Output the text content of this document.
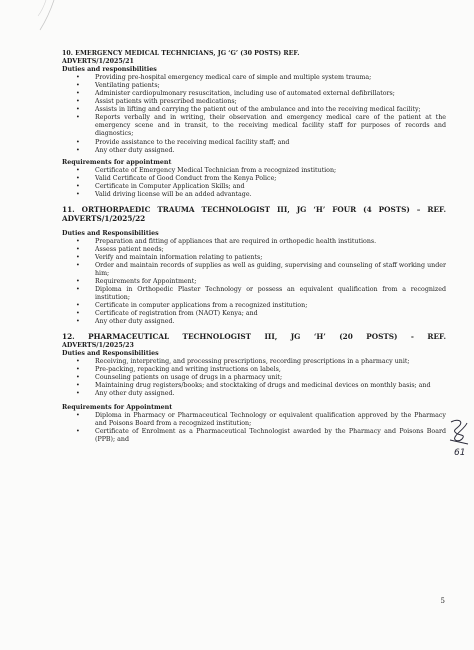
10. EMERGENCY MEDICAL TECHNICIANS, JG ‘G’ (30 POSTS) REF.
ADVERTS/1/2025/21
Duties and responsibilities
• Providing pre-hospital emergency medical care of simple and multiple system trauma;
• Ventilating patients;
• Administer cardiopulmonary resuscitation, including use of automated external defibrillators;
• Assist patients with prescribed medications;
• Assists in lifting and carrying the patient out of the ambulance and into the receiving medical facility;
• Reports verbally and in writing, their observation and emergency medical care of the patient at the emergency scene and in transit, to the receiving medical facility staff for purposes of records and diagnostics;
• Provide assistance to the receiving medical facility staff; and
• Any other duty assigned.
Requirements for appointment
• Certificate of Emergency Medical Technician from a recognized institution;
• Valid Certificate of Good Conduct from the Kenya Police;
• Certificate in Computer Application Skills; and
• Valid driving license will be an added advantage.
11. ORTHORPAEDIC TRAUMA TECHNOLOGIST III, JG ‘H’ FOUR (4 POSTS) – REF.
ADVERTS/1/2025/22
Duties and Responsibilities
• Preparation and fitting of appliances that are required in orthopedic health institutions.
• Assess patient needs;
• Verify and maintain information relating to patients;
• Order and maintain records of supplies as well as guiding, supervising and counseling of staff working under him;
• Requirements for Appointment;
• Diploma in Orthopedic Plaster Technology or possess an equivalent qualification from a recognized institution;
• Certificate in computer applications from a recognized institution;
• Certificate of registration from (NAOT) Kenya; and
• Any other duty assigned.
12. PHARMACEUTICAL TECHNOLOGIST III, JG ‘H’ (20 POSTS) - REF.
ADVERTS/1/2025/23
Duties and Responsibilities
• Receiving, interpreting, and processing prescriptions, recording prescriptions in a pharmacy unit;
• Pre-packing, repacking and writing instructions on labels,
• Counseling patients on usage of drugs in a pharmacy unit;
• Maintaining drug registers/books; and stocktaking of drugs and medicinal devices on monthly basis; and
• Any other duty assigned.
Requirements for Appointment
• Diploma in Pharmacy or Pharmaceutical Technology or equivalent qualification approved by the Pharmacy and Poisons Board from a recognized institution;
• Certificate of Enrolment as a Pharmaceutical Technologist awarded by the Pharmacy and Poisons Board (PPB); and
61
5
